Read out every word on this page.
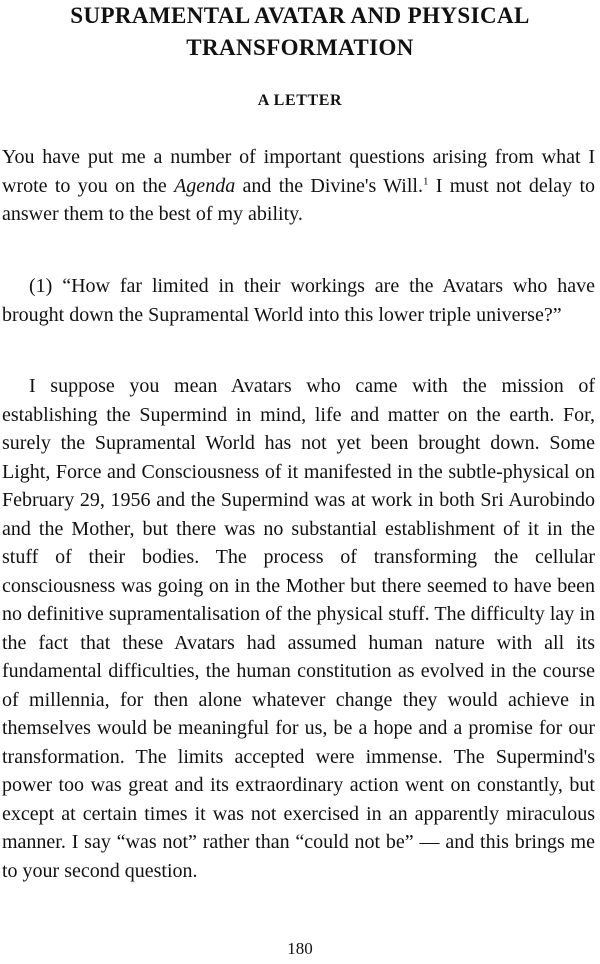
SUPRAMENTAL AVATAR AND PHYSICAL
TRANSFORMATION
A LETTER

You have put me a number of important questions arising from what I wrote to you on the Agenda and the Divine's Will.$^1$ I must not delay to answer them to the best of my ability.

(1) “How far limited in their workings are the Avatars who have brought down the Supramental World into this lower triple universe?”

I suppose you mean Avatars who came with the mission of establishing the Supermind in mind, life and matter on the earth. For, surely the Supramental World has not yet been brought down. Some Light, Force and Consciousness of it manifested in the subtle-physical on February 29, 1956 and the Supermind was at work in both Sri Aurobindo and the Mother, but there was no substantial establishment of it in the stuff of their bodies. The process of transforming the cellular consciousness was going on in the Mother but there seemed to have been no definitive supramentalisation of the physical stuff. The difficulty lay in the fact that these Avatars had assumed human nature with all its fundamental difficulties, the human constitution as evolved in the course of millennia, for then alone whatever change they would achieve in themselves would be meaningful for us, be a hope and a promise for our transformation. The limits accepted were immense. The Supermind's power too was great and its extraordinary action went on constantly, but except at certain times it was not exercised in an apparently miraculous manner. I say “was not” rather than “could not be” — and this brings me to your second question.

180
